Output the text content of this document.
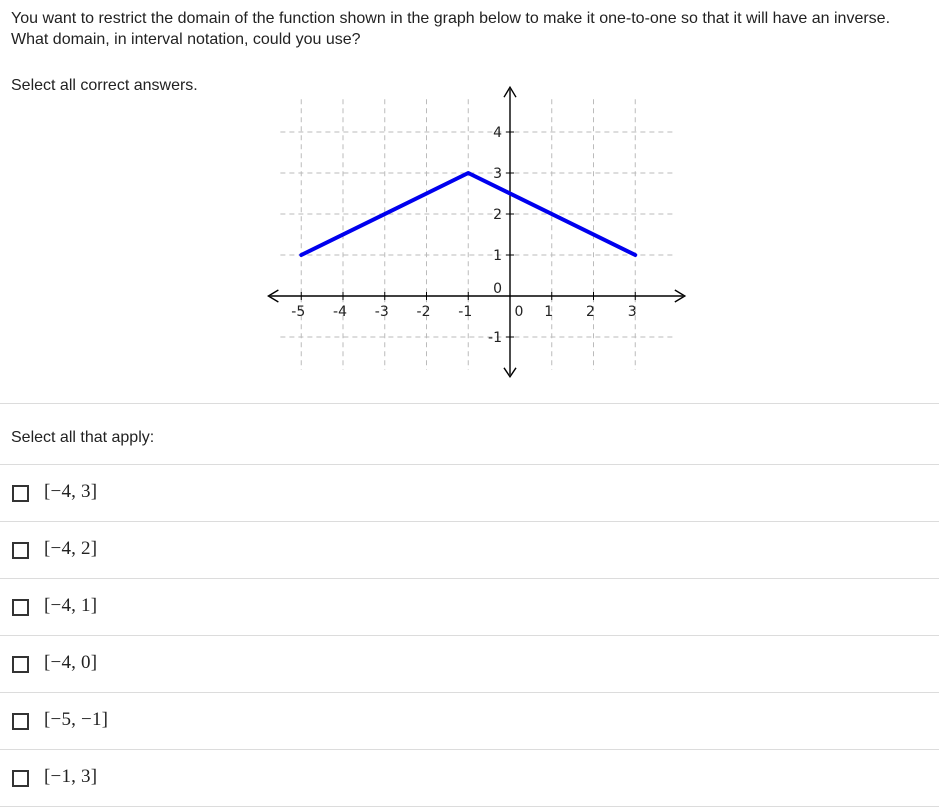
You want to restrict the domain of the function shown in the graph below to make it one-to-one so that it will have an inverse. What domain, in interval notation, could you use?
Select all correct answers.
-5 -4 -3 -2 -1	0 1 2 3
-1
0
1
2
3
4
Select all that apply:
[−4, 3]
[−4, 2]
[−4, 1]
[−4, 0]
[−5, −1]
[−1, 3]
